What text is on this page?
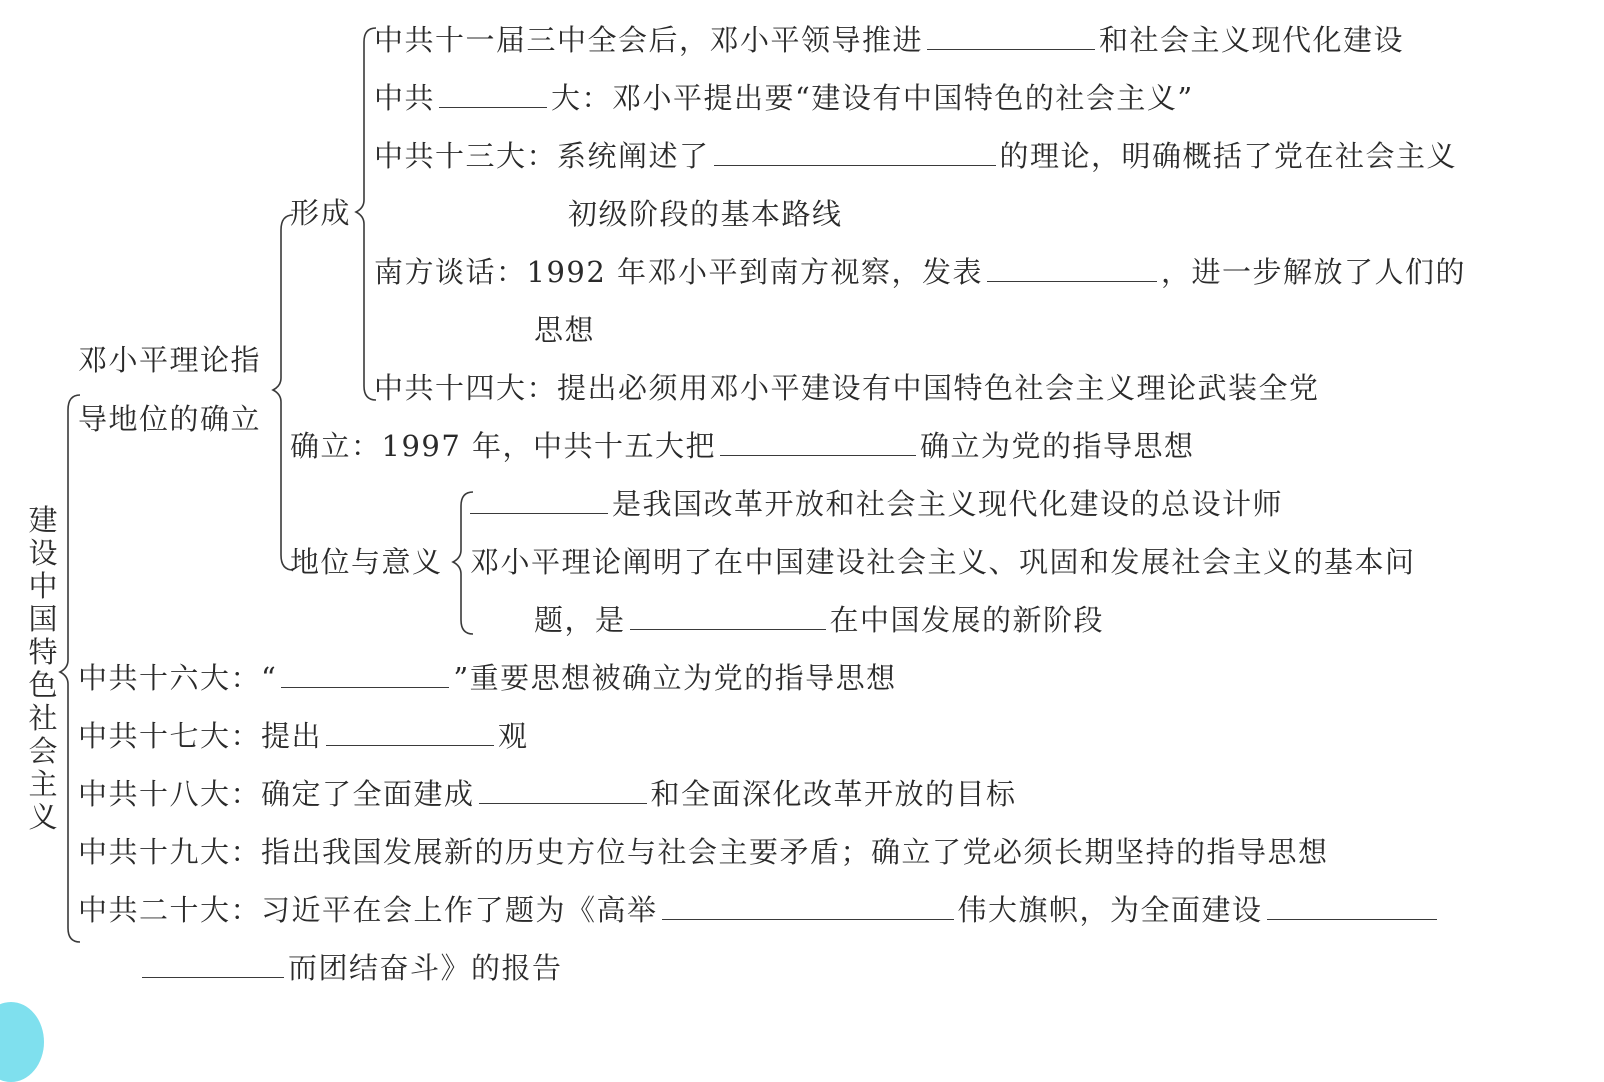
建设中国特色社会主义
邓小平理论指
导地位的确立
形成
中共十一届三中全会后，邓小平领导推进	和社会主义现代化建设
中共	大：邓小平提出要“建设有中国特色的社会主义”
中共十三大：系统阐述了	的理论，明确概括了党在社会主义
初级阶段的基本路线
南方谈话：1992 年邓小平到南方视察，发表	，进一步解放了人们的
思想
中共十四大：提出必须用邓小平建设有中国特色社会主义理论武装全党
确立：1997 年，中共十五大把	确立为党的指导思想
地位与意义
是我国改革开放和社会主义现代化建设的总设计师
邓小平理论阐明了在中国建设社会主义、巩固和发展社会主义的基本问
题，是	在中国发展的新阶段
中共十六大：“	”重要思想被确立为党的指导思想
中共十七大：提出	观
中共十八大：确定了全面建成	和全面深化改革开放的目标
中共十九大：指出我国发展新的历史方位与社会主要矛盾；确立了党必须长期坚持的指导思想
中共二十大：习近平在会上作了题为《高举	伟大旗帜，为全面建设
而团结奋斗》的报告
